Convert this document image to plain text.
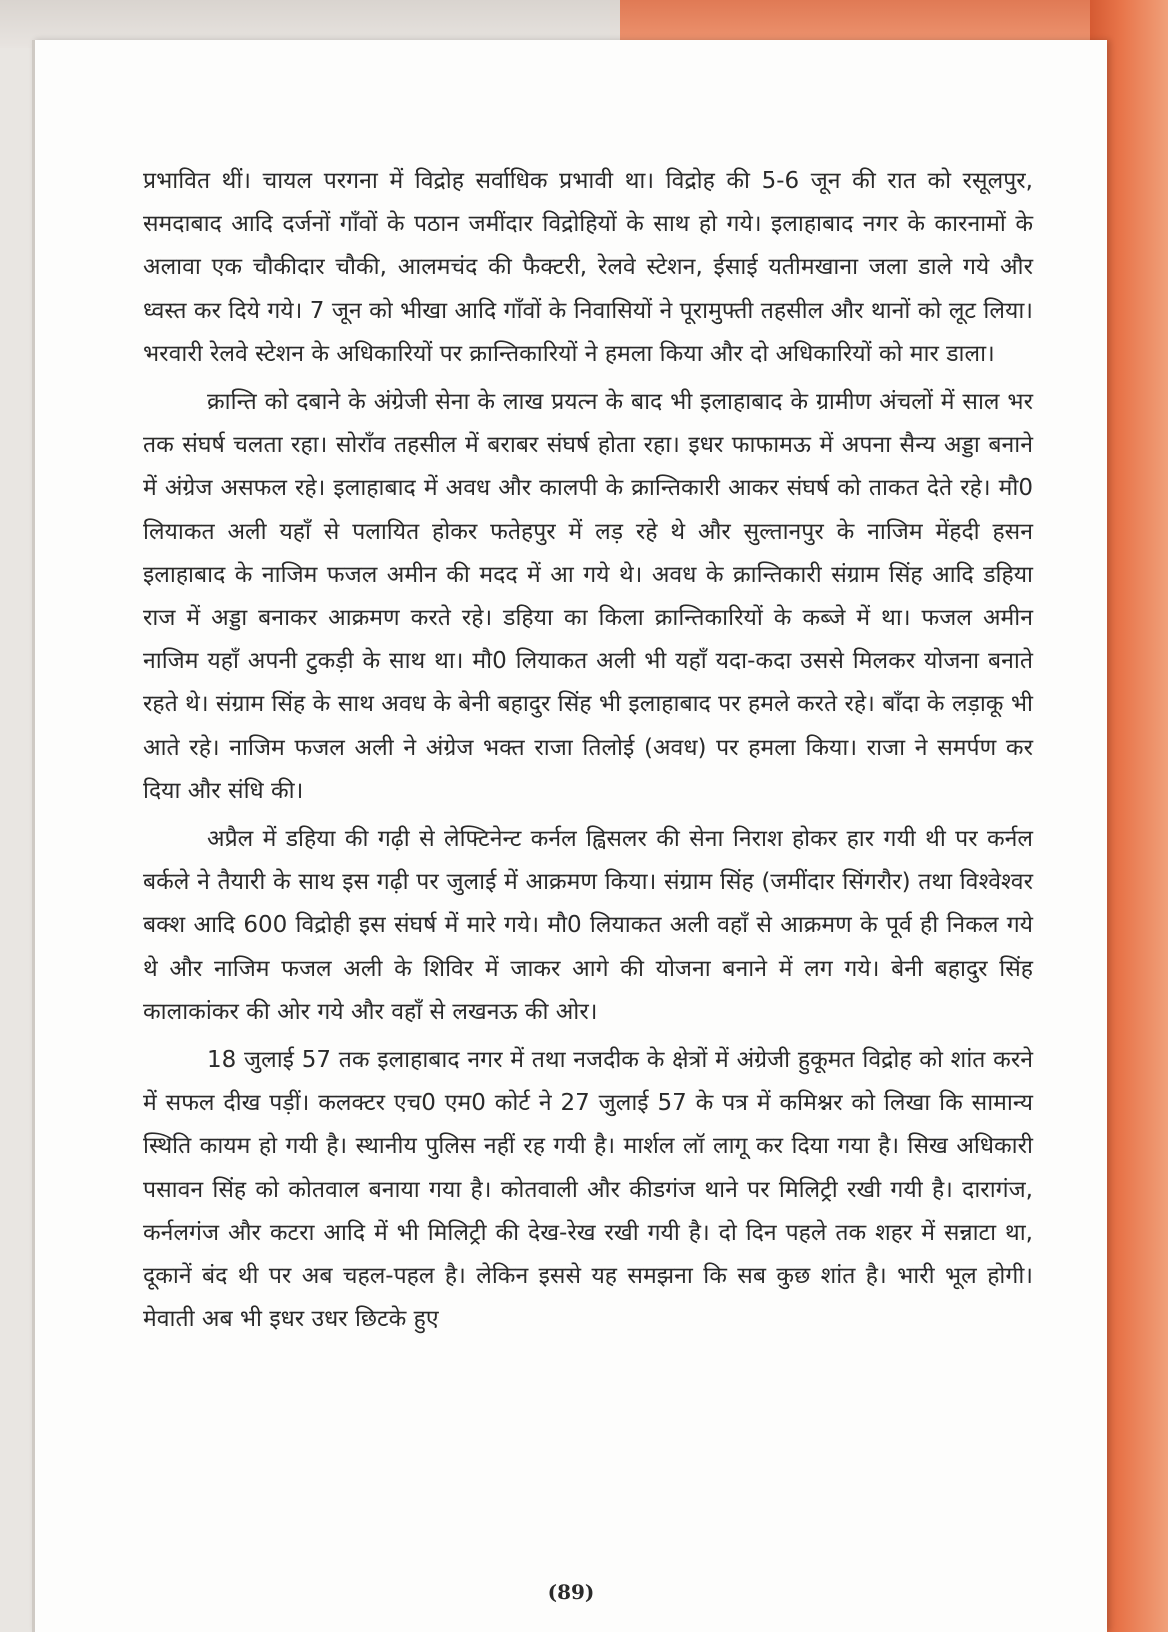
प्रभावित थीं। चायल परगना में विद्रोह सर्वाधिक प्रभावी था। विद्रोह की 5-6 जून की रात को रसूलपुर, समदाबाद आदि दर्जनों गाँवों के पठान जमींदार विद्रोहियों के साथ हो गये। इलाहाबाद नगर के कारनामों के अलावा एक चौकीदार चौकी, आलमचंद की फैक्टरी, रेलवे स्टेशन, ईसाई यतीमखाना जला डाले गये और ध्वस्त कर दिये गये। 7 जून को भीखा आदि गाँवों के निवासियों ने पूरामुफ्ती तहसील और थानों को लूट लिया। भरवारी रेलवे स्टेशन के अधिकारियों पर क्रान्तिकारियों ने हमला किया और दो अधिकारियों को मार डाला।

क्रान्ति को दबाने के अंग्रेजी सेना के लाख प्रयत्न के बाद भी इलाहाबाद के ग्रामीण अंचलों में साल भर तक संघर्ष चलता रहा। सोराँव तहसील में बराबर संघर्ष होता रहा। इधर फाफामऊ में अपना सैन्य अड्डा बनाने में अंग्रेज असफल रहे। इलाहाबाद में अवध और कालपी के क्रान्तिकारी आकर संघर्ष को ताकत देते रहे। मौ0 लियाकत अली यहाँ से पलायित होकर फतेहपुर में लड़ रहे थे और सुल्तानपुर के नाजिम मेंहदी हसन इलाहाबाद के नाजिम फजल अमीन की मदद में आ गये थे। अवध के क्रान्तिकारी संग्राम सिंह आदि डहिया राज में अड्डा बनाकर आक्रमण करते रहे। डहिया का किला क्रान्तिकारियों के कब्जे में था। फजल अमीन नाजिम यहाँ अपनी टुकड़ी के साथ था। मौ0 लियाकत अली भी यहाँ यदा-कदा उससे मिलकर योजना बनाते रहते थे। संग्राम सिंह के साथ अवध के बेनी बहादुर सिंह भी इलाहाबाद पर हमले करते रहे। बाँदा के लड़ाकू भी आते रहे। नाजिम फजल अली ने अंग्रेज भक्त राजा तिलोई (अवध) पर हमला किया। राजा ने समर्पण कर दिया और संधि की।

अप्रैल में डहिया की गढ़ी से लेफ्टिनेन्ट कर्नल ह्विसलर की सेना निराश होकर हार गयी थी पर कर्नल बर्कले ने तैयारी के साथ इस गढ़ी पर जुलाई में आक्रमण किया। संग्राम सिंह (जमींदार सिंगरौर) तथा विश्वेश्वर बक्श आदि 600 विद्रोही इस संघर्ष में मारे गये। मौ0 लियाकत अली वहाँ से आक्रमण के पूर्व ही निकल गये थे और नाजिम फजल अली के शिविर में जाकर आगे की योजना बनाने में लग गये। बेनी बहादुर सिंह कालाकांकर की ओर गये और वहाँ से लखनऊ की ओर।

18 जुलाई 57 तक इलाहाबाद नगर में तथा नजदीक के क्षेत्रों में अंग्रेजी हुकूमत विद्रोह को शांत करने में सफल दीख पड़ीं। कलक्टर एच0 एम0 कोर्ट ने 27 जुलाई 57 के पत्र में कमिश्नर को लिखा कि सामान्य स्थिति कायम हो गयी है। स्थानीय पुलिस नहीं रह गयी है। मार्शल लॉ लागू कर दिया गया है। सिख अधिकारी पसावन सिंह को कोतवाल बनाया गया है। कोतवाली और कीडगंज थाने पर मिलिट्री रखी गयी है। दारागंज, कर्नलगंज और कटरा आदि में भी मिलिट्री की देख-रेख रखी गयी है। दो दिन पहले तक शहर में सन्नाटा था, दूकानें बंद थी पर अब चहल-पहल है। लेकिन इससे यह समझना कि सब कुछ शांत है। भारी भूल होगी। मेवाती अब भी इधर उधर छिटके हुए

(89)
